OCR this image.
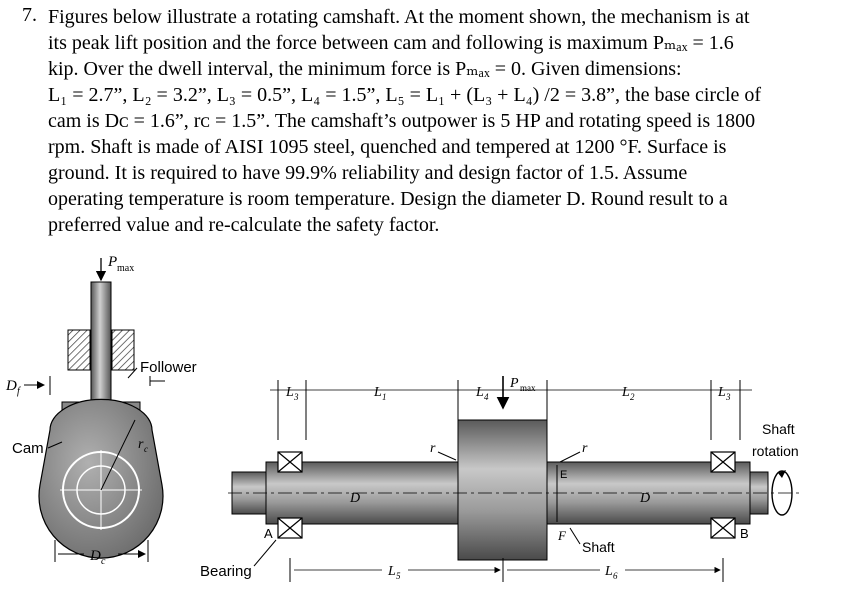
7. Figures below illustrate a rotating camshaft. At the moment shown, the mechanism is at
its peak lift position and the force between cam and following is maximum Pₘₐₓ = 1.6
kip. Over the dwell interval, the minimum force is Pₘₐₓ = 0. Given dimensions:
L₁ = 2.7”, L₂ = 3.2”, L₃ = 0.5”, L₄ = 1.5”, L₅ = L₁ + (L₃ + L₄) /2 = 3.8”, the base circle of
cam is Dᴄ = 1.6”, rᴄ = 1.5”. The camshaft’s outpower is 5 HP and rotating speed is 1800
rpm. Shaft is made of AISI 1095 steel, quenched and tempered at 1200 °F. Surface is
ground. It is required to have 99.9% reliability and design factor of 1.5. Assume
operating temperature is room temperature. Design the diameter D. Round result to a
preferred value and re-calculate the safety factor.
P max
Follower
D f
r c
Cam
D c
L 3	L 1	L 4
P max	L 2	L 3
D	D
r	r
E
F
A	B
Shaft
rotation
Shaft
Bearing	L 5	L 6
